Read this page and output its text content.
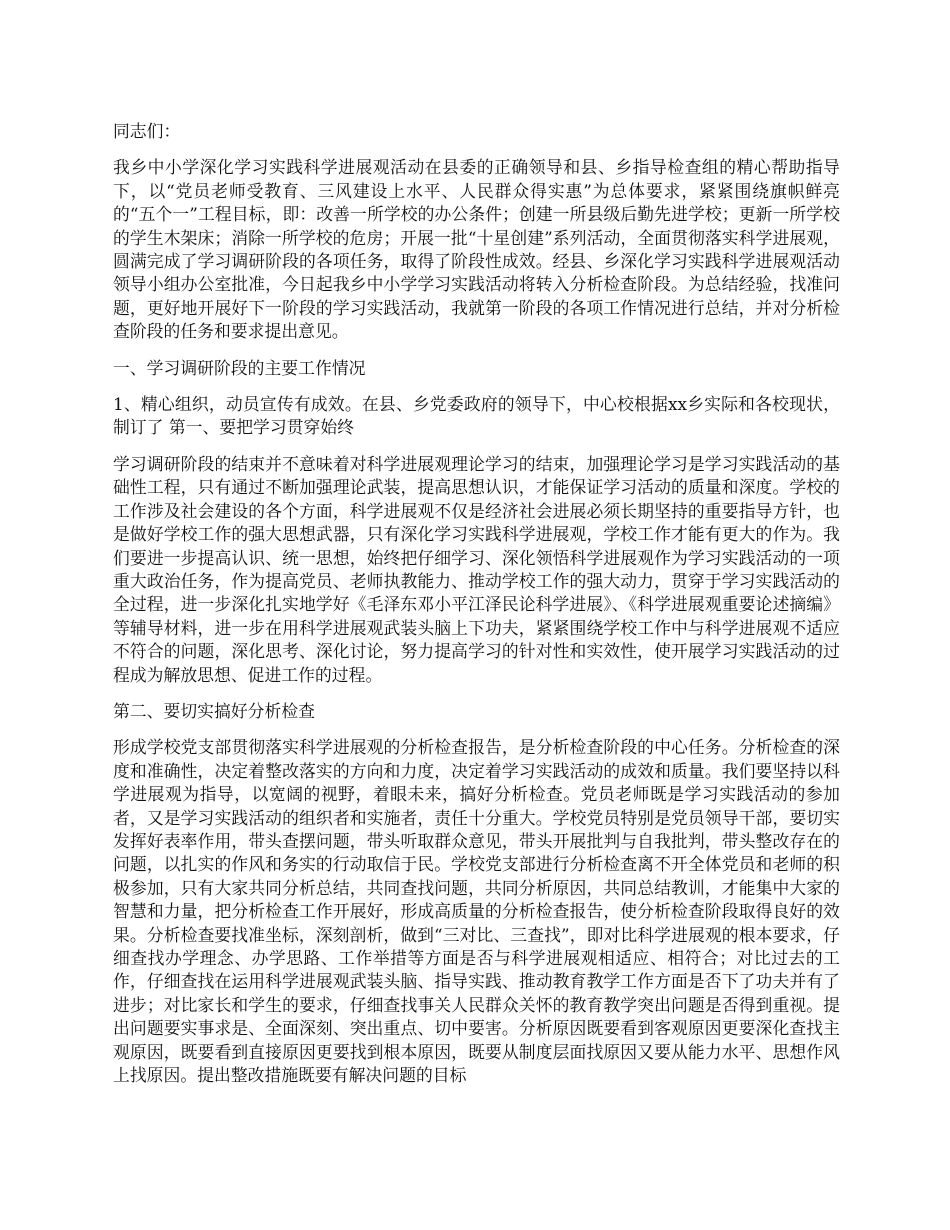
同志们：

我乡中小学深化学习实践科学进展观活动在县委的正确领导和县、乡指导检查组的精心帮助指导下，以“党员老师受教育、三风建设上水平、人民群众得实惠”为总体要求，紧紧围绕旗帜鲜亮的“五个一”工程目标，即：改善一所学校的办公条件；创建一所县级后勤先进学校；更新一所学校的学生木架床；消除一所学校的危房；开展一批“十星创建”系列活动，全面贯彻落实科学进展观，圆满完成了学习调研阶段的各项任务，取得了阶段性成效。经县、乡深化学习实践科学进展观活动领导小组办公室批准，今日起我乡中小学学习实践活动将转入分析检查阶段。为总结经验，找准问题，更好地开展好下一阶段的学习实践活动，我就第一阶段的各项工作情况进行总结，并对分析检查阶段的任务和要求提出意见。

一、学习调研阶段的主要工作情况

1、精心组织，动员宣传有成效。在县、乡党委政府的领导下，中心校根据xx乡实际和各校现状，制订了 第一、要把学习贯穿始终

学习调研阶段的结束并不意味着对科学进展观理论学习的结束，加强理论学习是学习实践活动的基础性工程，只有通过不断加强理论武装，提高思想认识，才能保证学习活动的质量和深度。学校的工作涉及社会建设的各个方面，科学进展观不仅是经济社会进展必须长期坚持的重要指导方针，也是做好学校工作的强大思想武器，只有深化学习实践科学进展观，学校工作才能有更大的作为。我们要进一步提高认识、统一思想，始终把仔细学习、深化领悟科学进展观作为学习实践活动的一项重大政治任务，作为提高党员、老师执教能力、推动学校工作的强大动力，贯穿于学习实践活动的全过程，进一步深化扎实地学好《毛泽东邓小平江泽民论科学进展》、《科学进展观重要论述摘编》等辅导材料，进一步在用科学进展观武装头脑上下功夫，紧紧围绕学校工作中与科学进展观不适应不符合的问题，深化思考、深化讨论，努力提高学习的针对性和实效性，使开展学习实践活动的过程成为解放思想、促进工作的过程。

第二、要切实搞好分析检查

形成学校党支部贯彻落实科学进展观的分析检查报告，是分析检查阶段的中心任务。分析检查的深度和准确性，决定着整改落实的方向和力度，决定着学习实践活动的成效和质量。我们要坚持以科学进展观为指导，以宽阔的视野，着眼未来，搞好分析检查。党员老师既是学习实践活动的参加者，又是学习实践活动的组织者和实施者，责任十分重大。学校党员特别是党员领导干部，要切实发挥好表率作用，带头查摆问题，带头听取群众意见，带头开展批判与自我批判，带头整改存在的问题，以扎实的作风和务实的行动取信于民。学校党支部进行分析检查离不开全体党员和老师的积极参加，只有大家共同分析总结，共同查找问题，共同分析原因，共同总结教训，才能集中大家的智慧和力量，把分析检查工作开展好，形成高质量的分析检查报告，使分析检查阶段取得良好的效果。分析检查要找准坐标，深刻剖析，做到“三对比、三查找”，即对比科学进展观的根本要求，仔细查找办学理念、办学思路、工作举措等方面是否与科学进展观相适应、相符合；对比过去的工作，仔细查找在运用科学进展观武装头脑、指导实践、推动教育教学工作方面是否下了功夫并有了进步；对比家长和学生的要求，仔细查找事关人民群众关怀的教育教学突出问题是否得到重视。提出问题要实事求是、全面深刻、突出重点、切中要害。分析原因既要看到客观原因更要深化查找主观原因，既要看到直接原因更要找到根本原因，既要从制度层面找原因又要从能力水平、思想作风上找原因。提出整改措施既要有解决问题的目标
